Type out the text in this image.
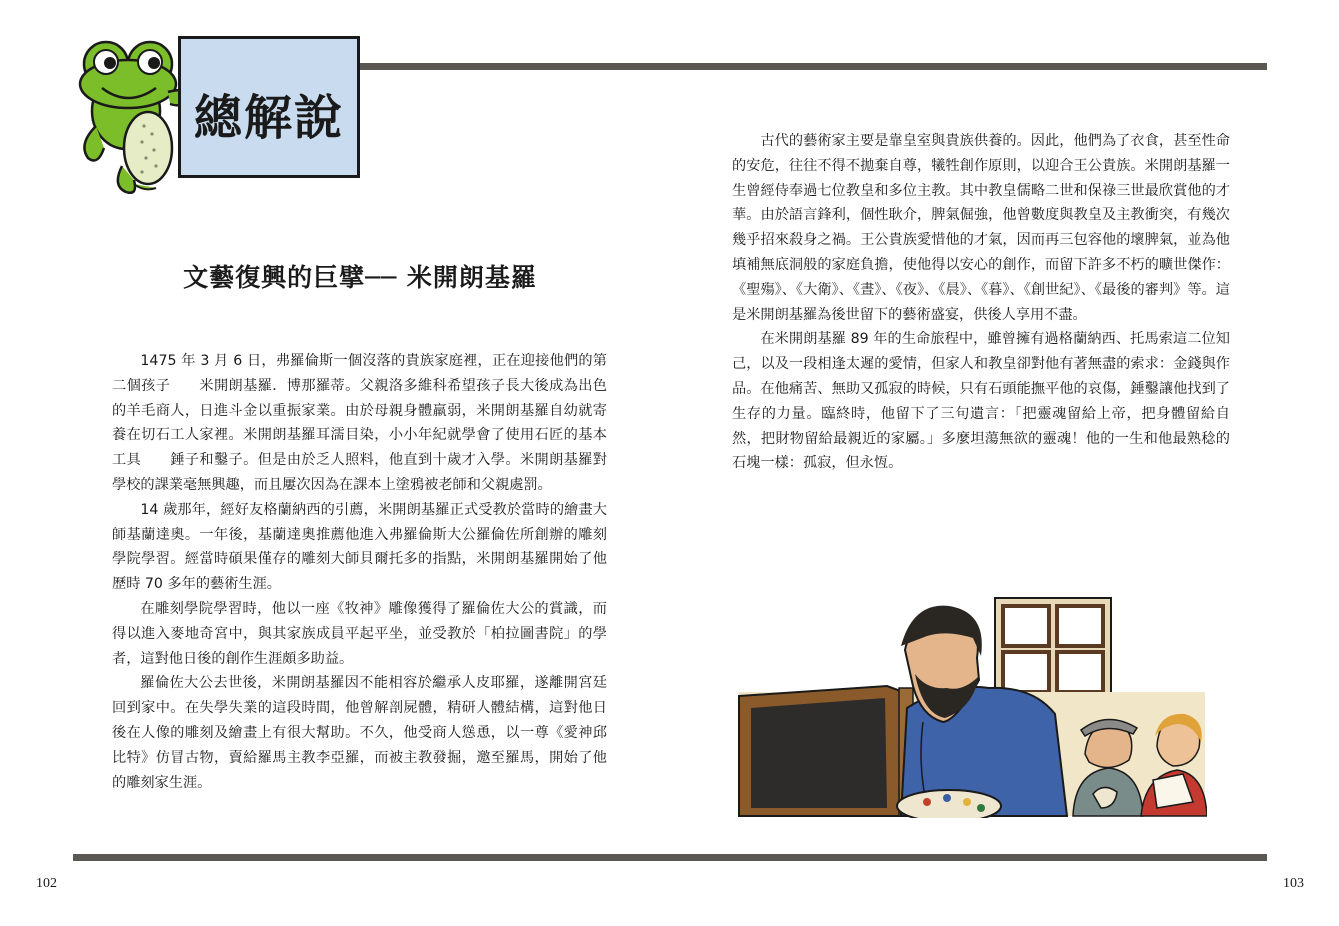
總解說
文藝復興的巨擘── 米開朗基羅

1475 年 3 月 6 日，弗羅倫斯一個沒落的貴族家庭裡，正在迎接他們的第二個孩子　　米開朗基羅．博那羅蒂。父親洛多維科希望孩子長大後成為出色的羊毛商人，日進斗金以重振家業。由於母親身體羸弱，米開朗基羅自幼就寄養在切石工人家裡。米開朗基羅耳濡目染，小小年紀就學會了使用石匠的基本工具　　錘子和鑿子。但是由於乏人照料，他直到十歲才入學。米開朗基羅對學校的課業毫無興趣，而且屢次因為在課本上塗鴉被老師和父親處罰。

14 歲那年，經好友格蘭納西的引薦，米開朗基羅正式受教於當時的繪畫大師基蘭達奧。一年後，基蘭達奧推薦他進入弗羅倫斯大公羅倫佐所創辦的雕刻學院學習。經當時碩果僅存的雕刻大師貝爾托多的指點，米開朗基羅開始了他歷時 70 多年的藝術生涯。

在雕刻學院學習時，他以一座《牧神》雕像獲得了羅倫佐大公的賞識，而得以進入麥地奇宮中，與其家族成員平起平坐，並受教於「柏拉圖書院」的學者，這對他日後的創作生涯頗多助益。

羅倫佐大公去世後，米開朗基羅因不能相容於繼承人皮耶羅，遂離開宮廷回到家中。在失學失業的這段時間，他曾解剖屍體，精研人體結構，這對他日後在人像的雕刻及繪畫上有很大幫助。不久，他受商人慫恿，以一尊《愛神邱比特》仿冒古物，賣給羅馬主教李亞羅，而被主教發掘，邀至羅馬，開始了他的雕刻家生涯。

古代的藝術家主要是靠皇室與貴族供養的。因此，他們為了衣食，甚至性命的安危，往往不得不拋棄自尊，犧牲創作原則，以迎合王公貴族。米開朗基羅一生曾經侍奉過七位教皇和多位主教。其中教皇儒略二世和保祿三世最欣賞他的才華。由於語言鋒利，個性耿介，脾氣倔強，他曾數度與教皇及主教衝突，有幾次幾乎招來殺身之禍。王公貴族愛惜他的才氣，因而再三包容他的壞脾氣，並為他填補無底洞般的家庭負擔，使他得以安心的創作，而留下許多不朽的曠世傑作：《聖殤》、《大衛》、《晝》、《夜》、《晨》、《暮》、《創世紀》、《最後的審判》等。這是米開朗基羅為後世留下的藝術盛宴，供後人享用不盡。

在米開朗基羅 89 年的生命旅程中，雖曾擁有過格蘭納西、托馬索這二位知己，以及一段相逢太遲的愛情，但家人和教皇卻對他有著無盡的索求：金錢與作品。在他痛苦、無助又孤寂的時候，只有石頭能撫平他的哀傷，錘鑿讓他找到了生存的力量。臨終時，他留下了三句遺言：「把靈魂留給上帝，把身體留給自然，把財物留給最親近的家屬。」多麼坦蕩無欲的靈魂！他的一生和他最熟稔的石塊一樣：孤寂，但永恆。

102	103
